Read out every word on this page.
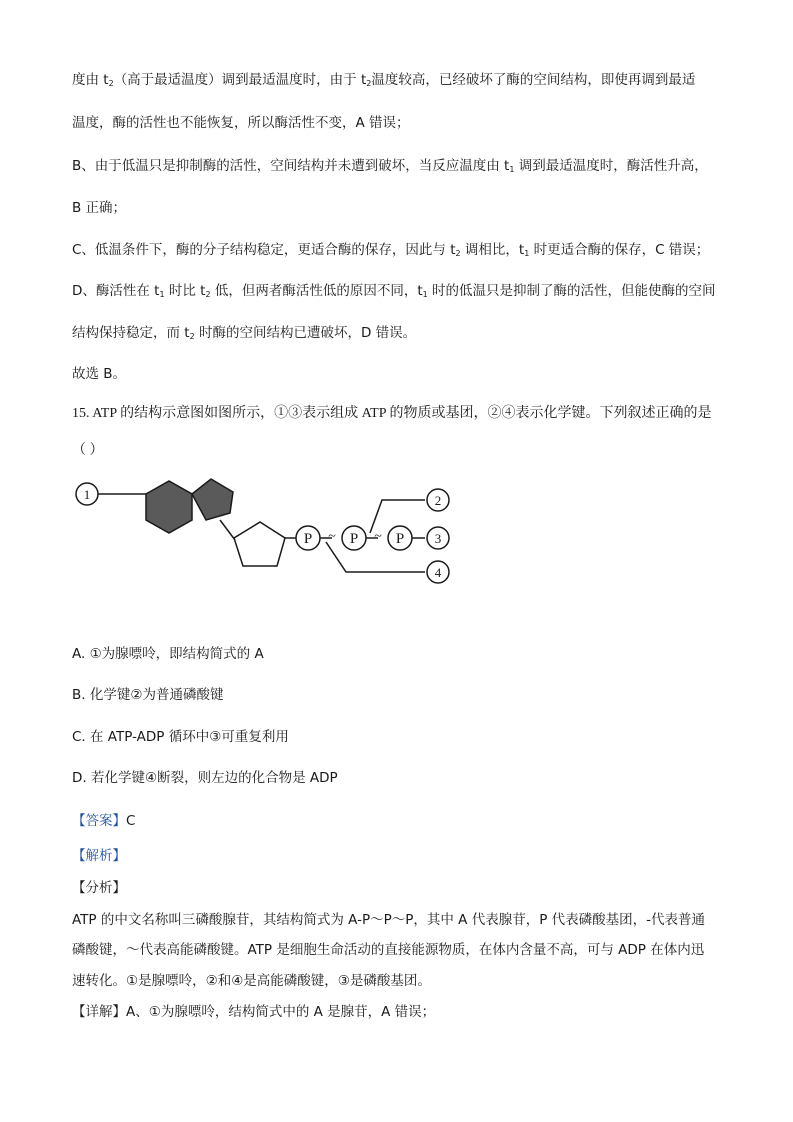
度由 $t_2$（高于最适温度）调到最适温度时，由于 $t_2$温度较高，已经破坏了酶的空间结构，即使再调到最适
温度，酶的活性也不能恢复，所以酶活性不变，A 错误；
B、由于低温只是抑制酶的活性，空间结构并未遭到破坏，当反应温度由 $t_1$ 调到最适温度时，酶活性升高，
B 正确；
C、低温条件下，酶的分子结构稳定，更适合酶的保存，因此与 $t_2$ 调相比，$t_1$ 时更适合酶的保存，C 错误；
D、酶活性在 $t_1$ 时比 $t_2$ 低，但两者酶活性低的原因不同，$t_1$ 时的低温只是抑制了酶的活性，但能使酶的空间
结构保持稳定，而 $t_2$ 时酶的空间结构已遭破坏，D 错误。
故选 B。
15. ATP 的结构示意图如图所示，①③表示组成 ATP 的物质或基团，②④表示化学键。下列叙述正确的是
（ ）
1
P	P	P
~	~
2
3
4
A. ①为腺嘌呤，即结构简式的 A
B. 化学键②为普通磷酸键
C. 在 ATP-ADP 循环中③可重复利用
D. 若化学键④断裂，则左边的化合物是 ADP
【答案】C
【解析】
【分析】
ATP 的中文名称叫三磷酸腺苷，其结构简式为 A-P～P～P，其中 A 代表腺苷，P 代表磷酸基团，-代表普通
磷酸键，～代表高能磷酸键。ATP 是细胞生命活动的直接能源物质，在体内含量不高，可与 ADP 在体内迅
速转化。①是腺嘌呤，②和④是高能磷酸键，③是磷酸基团。
【详解】A、①为腺嘌呤，结构简式中的 A 是腺苷，A 错误；
